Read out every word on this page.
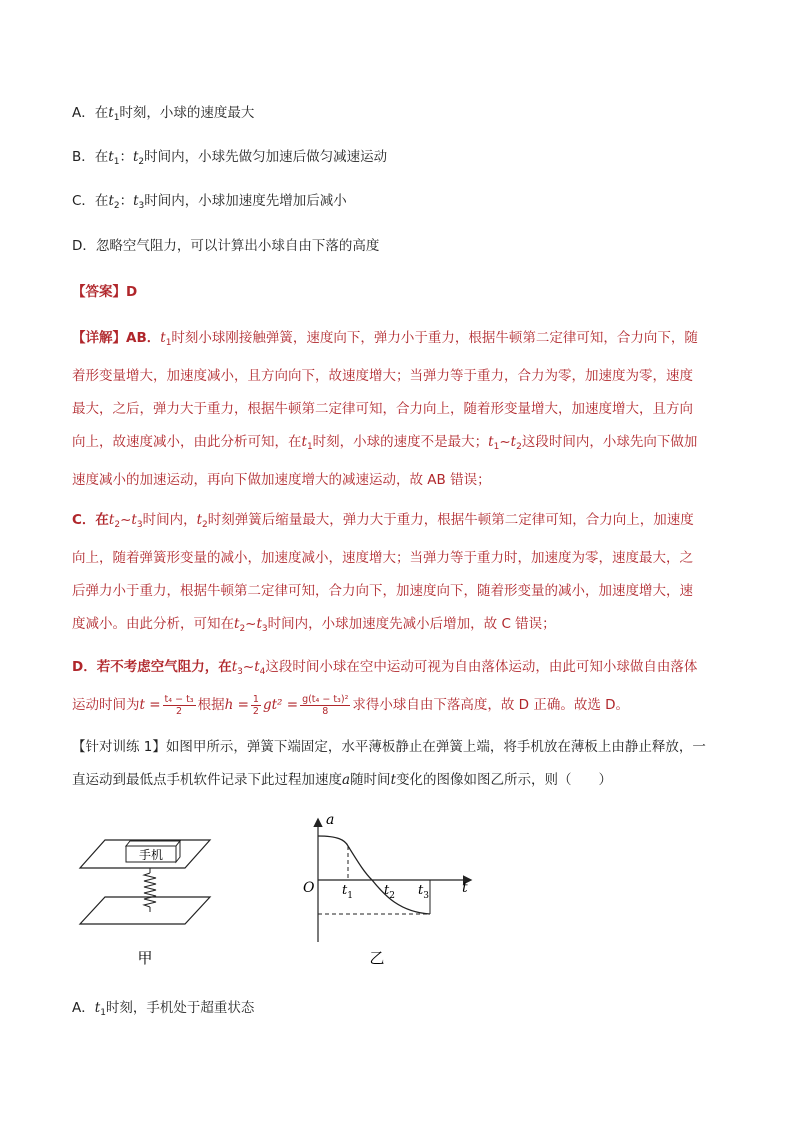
A．在$t_1$时刻，小球的速度最大
B．在$t_1$：$t_2$时间内，小球先做匀加速后做匀减速运动
C．在$t_2$：$t_3$时间内，小球加速度先增加后减小
D．忽略空气阻力，可以计算出小球自由下落的高度
【答案】D

【详解】AB．$t_1$时刻小球刚接触弹簧，速度向下，弹力小于重力，根据牛顿第二定律可知，合力向下，随

着形变量增大，加速度减小，且方向向下，故速度增大；当弹力等于重力，合力为零，加速度为零，速度

最大，之后，弹力大于重力，根据牛顿第二定律可知，合力向上，随着形变量增大，加速度增大，且方向

向上，故速度减小，由此分析可知，在$t_1$时刻，小球的速度不是最大；$t_1\sim t_2$这段时间内，小球先向下做加

速度减小的加速运动，再向下做加速度增大的减速运动，故 AB 错误；

C．在$t_2\sim t_3$时间内，$t_2$时刻弹簧后缩量最大，弹力大于重力，根据牛顿第二定律可知，合力向上，加速度

向上，随着弹簧形变量的减小，加速度减小，速度增大；当弹力等于重力时，加速度为零，速度最大，之

后弹力小于重力，根据牛顿第二定律可知，合力向下，加速度向下，随着形变量的减小，加速度增大，速

度减小。由此分析，可知在$t_2\sim t_3$时间内，小球加速度先减小后增加，故 C 错误；

D．若不考虑空气阻力，在$t_3\sim t_4$这段时间小球在空中运动可视为自由落体运动，由此可知小球做自由落体

运动时间为$t = \frac{\text{t₄ − t₃}}{2}$ 根据$h = \frac{1}{2} gt^2 = \frac{\text{g(t₄ − t₃)²}}{8}$ 求得小球自由下落高度，故 D 正确。故选 D。

【针对训练 1】如图甲所示，弹簧下端固定，水平薄板静止在弹簧上端，将手机放在薄板上由静止释放，一

直运动到最低点手机软件记录下此过程加速度a随时间t变化的图像如图乙所示，则（　　）

手机
甲
a
t
O $t_1$ $t_2$ $t_3$
乙
A．$t_1$时刻，手机处于超重状态
